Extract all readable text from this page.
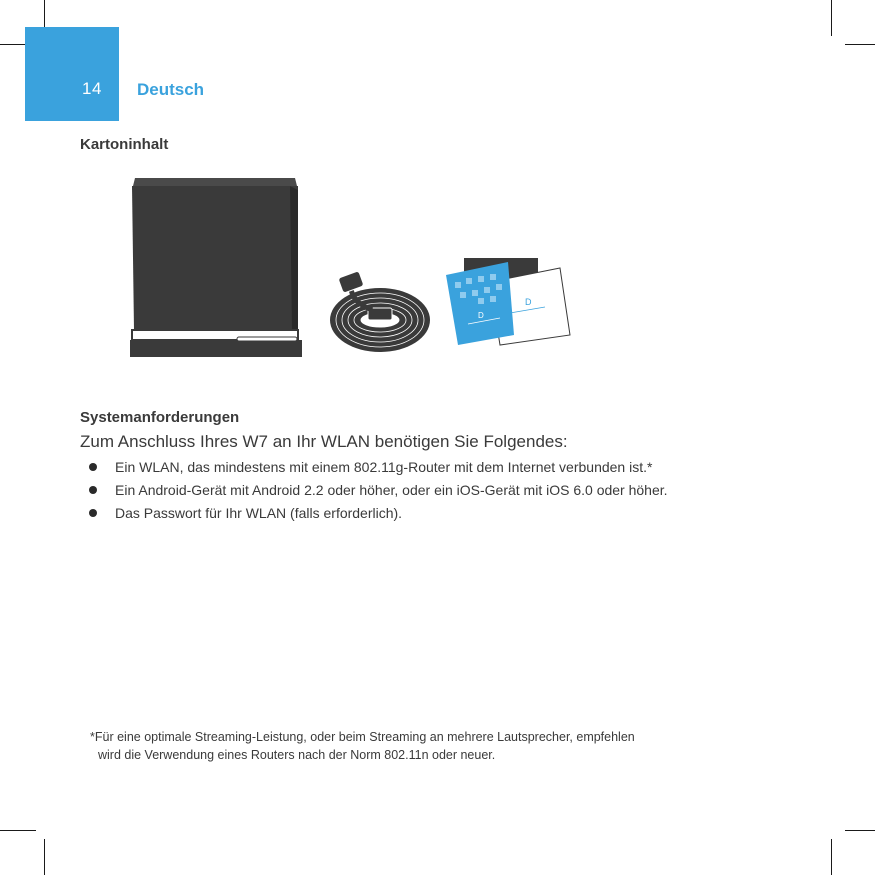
14 Deutsch
Kartoninhalt
D
D
Systemanforderungen
Zum Anschluss Ihres W7 an Ihr WLAN benötigen Sie Folgendes:
Ein WLAN, das mindestens mit einem 802.11g-Router mit dem Internet verbunden ist.*
Ein Android-Gerät mit Android 2.2 oder höher, oder ein iOS-Gerät mit iOS 6.0 oder höher.
Das Passwort für Ihr WLAN (falls erforderlich).
*Für eine optimale Streaming-Leistung, oder beim Streaming an mehrere Lautsprecher, empfehlen
wird die Verwendung eines Routers nach der Norm 802.11n oder neuer.
